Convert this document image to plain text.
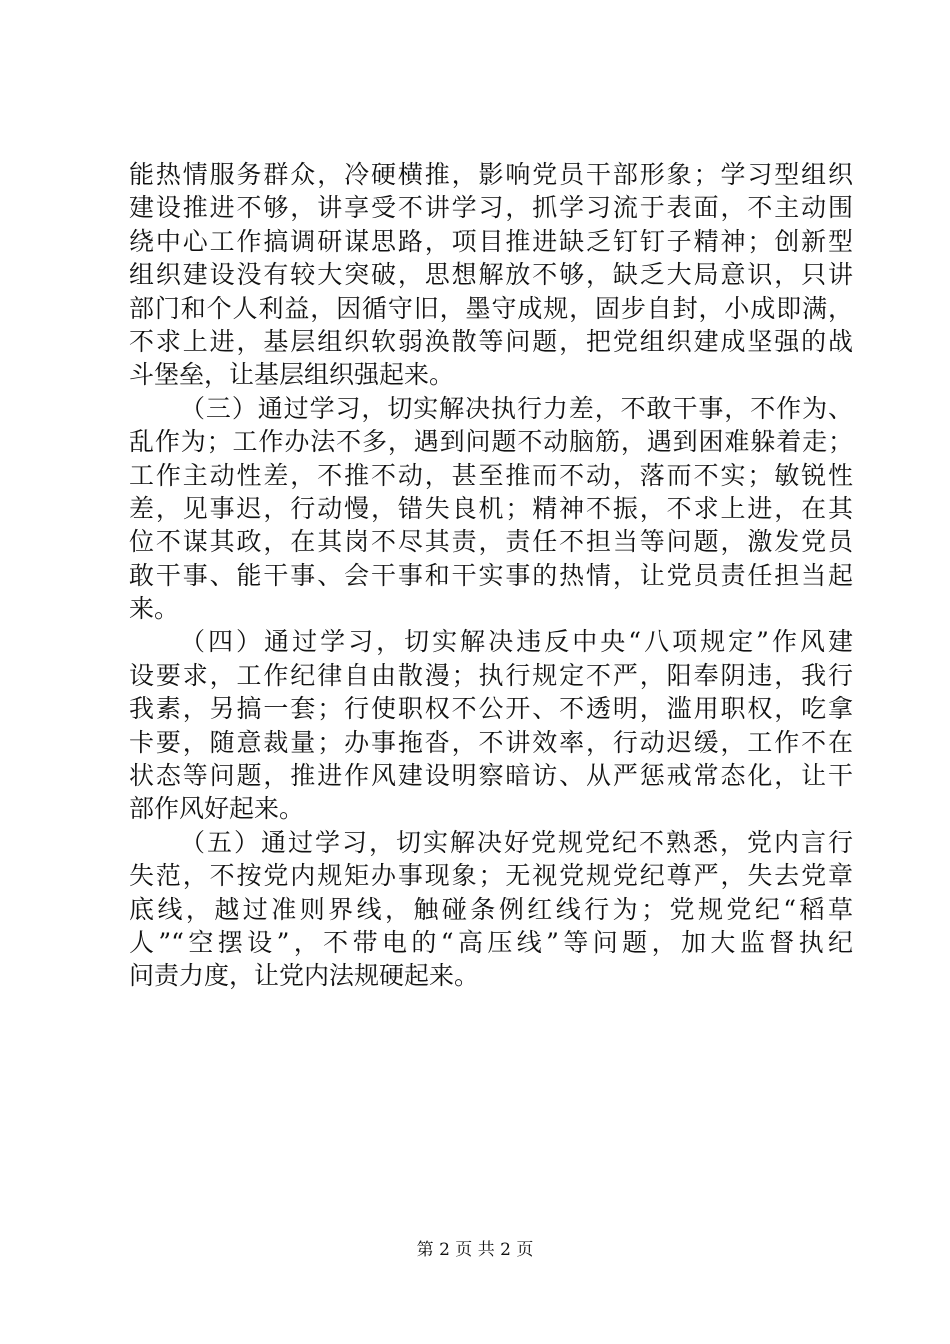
能热情服务群众，冷硬横推，影响党员干部形象；学习型组织
建设推进不够，讲享受不讲学习，抓学习流于表面，不主动围
绕中心工作搞调研谋思路，项目推进缺乏钉钉子精神；创新型
组织建设没有较大突破，思想解放不够，缺乏大局意识，只讲
部门和个人利益，因循守旧，墨守成规，固步自封，小成即满，
不求上进，基层组织软弱涣散等问题，把党组织建成坚强的战
斗堡垒，让基层组织强起来。
（三）通过学习，切实解决执行力差，不敢干事，不作为、
乱作为；工作办法不多，遇到问题不动脑筋，遇到困难躲着走；
工作主动性差，不推不动，甚至推而不动，落而不实；敏锐性
差，见事迟，行动慢，错失良机；精神不振，不求上进，在其
位不谋其政，在其岗不尽其责，责任不担当等问题，激发党员
敢干事、能干事、会干事和干实事的热情，让党员责任担当起
来。
（四）通过学习，切实解决违反中央“八项规定”作风建
设要求，工作纪律自由散漫；执行规定不严，阳奉阴违，我行
我素，另搞一套；行使职权不公开、不透明，滥用职权，吃拿
卡要，随意裁量；办事拖沓，不讲效率，行动迟缓，工作不在
状态等问题，推进作风建设明察暗访、从严惩戒常态化，让干
部作风好起来。
（五）通过学习，切实解决好党规党纪不熟悉，党内言行
失范，不按党内规矩办事现象；无视党规党纪尊严，失去党章
底线，越过准则界线，触碰条例红线行为；党规党纪“稻草
人”“空摆设”，不带电的“高压线”等问题，加大监督执纪
问责力度，让党内法规硬起来。
第 2 页 共 2 页
